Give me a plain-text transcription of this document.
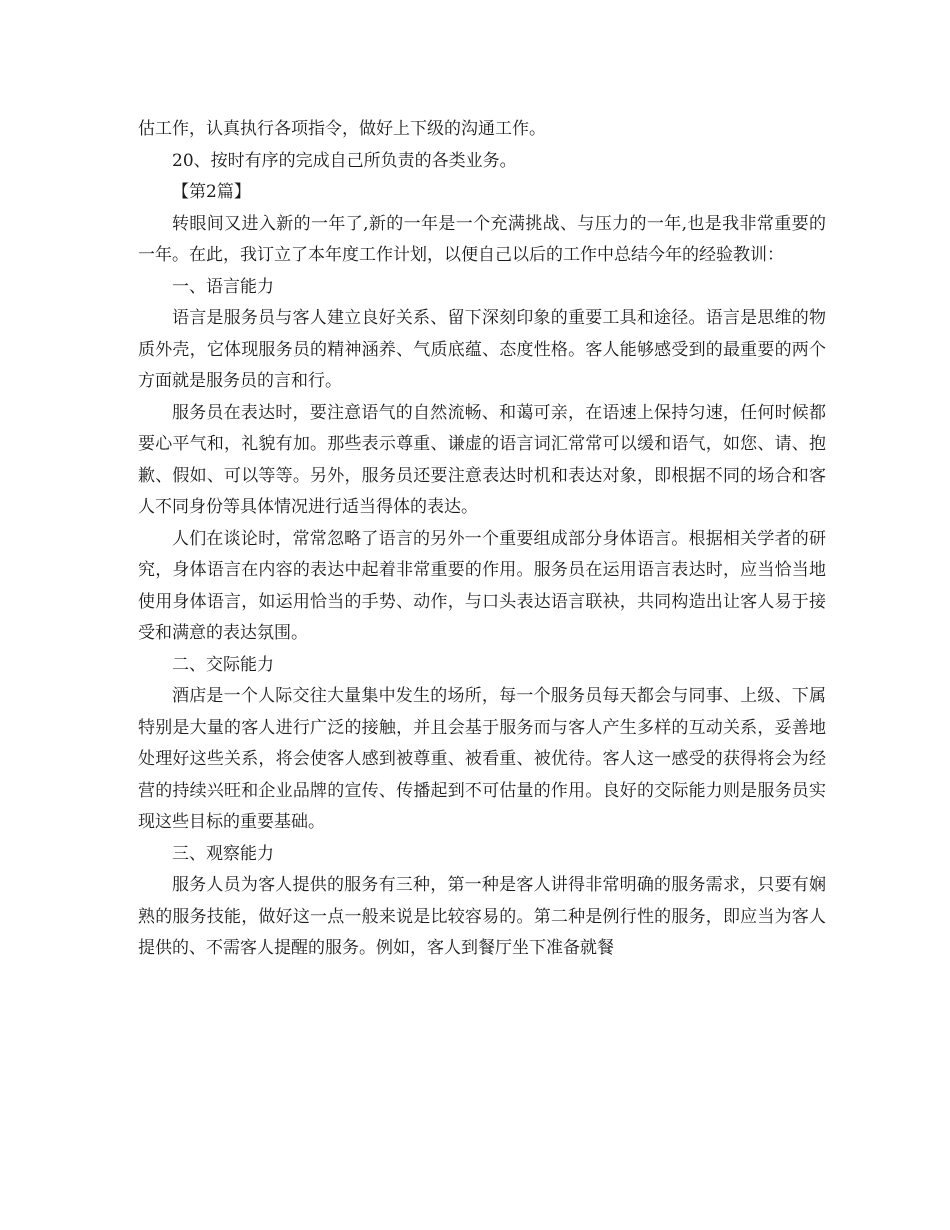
估工作，认真执行各项指令，做好上下级的沟通工作。

20、按时有序的完成自己所负责的各类业务。

【第2篇】

转眼间又进入新的一年了,新的一年是一个充满挑战、与压力的一年,也是我非常重要的一年。在此，我订立了本年度工作计划，以便自己以后的工作中总结今年的经验教训：

一、语言能力

语言是服务员与客人建立良好关系、留下深刻印象的重要工具和途径。语言是思维的物质外壳，它体现服务员的精神涵养、气质底蕴、态度性格。客人能够感受到的最重要的两个方面就是服务员的言和行。

服务员在表达时，要注意语气的自然流畅、和蔼可亲，在语速上保持匀速，任何时候都要心平气和，礼貌有加。那些表示尊重、谦虚的语言词汇常常可以缓和语气，如您、请、抱歉、假如、可以等等。另外，服务员还要注意表达时机和表达对象，即根据不同的场合和客人不同身份等具体情况进行适当得体的表达。

人们在谈论时，常常忽略了语言的另外一个重要组成部分身体语言。根据相关学者的研究，身体语言在内容的表达中起着非常重要的作用。服务员在运用语言表达时，应当恰当地使用身体语言，如运用恰当的手势、动作，与口头表达语言联袂，共同构造出让客人易于接受和满意的表达氛围。

二、交际能力

酒店是一个人际交往大量集中发生的场所，每一个服务员每天都会与同事、上级、下属特别是大量的客人进行广泛的接触，并且会基于服务而与客人产生多样的互动关系，妥善地处理好这些关系，将会使客人感到被尊重、被看重、被优待。客人这一感受的获得将会为经营的持续兴旺和企业品牌的宣传、传播起到不可估量的作用。良好的交际能力则是服务员实现这些目标的重要基础。

三、观察能力

服务人员为客人提供的服务有三种，第一种是客人讲得非常明确的服务需求，只要有娴熟的服务技能，做好这一点一般来说是比较容易的。第二种是例行性的服务，即应当为客人提供的、不需客人提醒的服务。例如，客人到餐厅坐下准备就餐
